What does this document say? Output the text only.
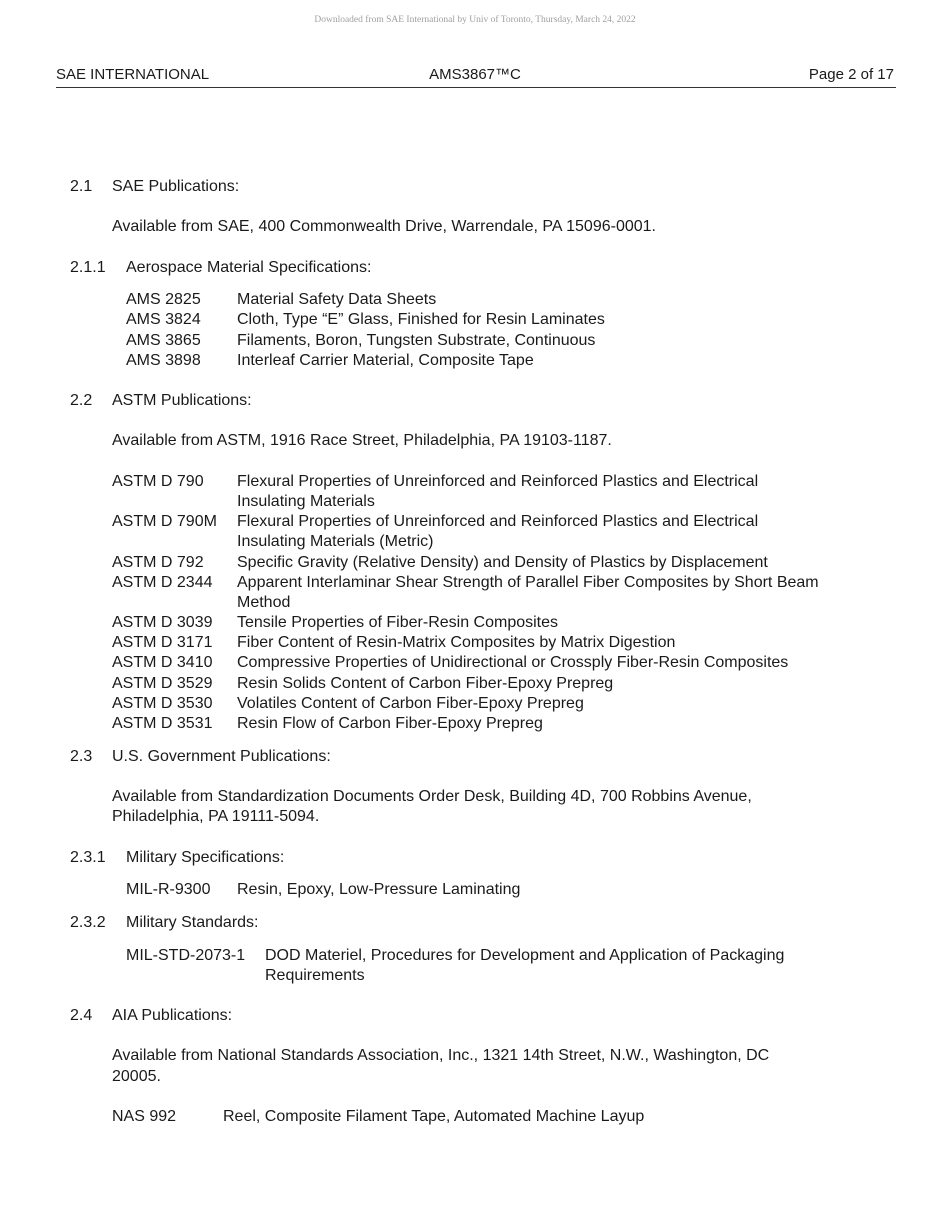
Downloaded from SAE International by Univ of Toronto, Thursday, March 24, 2022
SAE INTERNATIONAL	AMS3867™C	Page 2 of 17
2.1 SAE Publications:
Available from SAE, 400 Commonwealth Drive, Warrendale, PA 15096-0001.
2.1.1 Aerospace Material Specifications:
AMS 2825 Material Safety Data Sheets
AMS 3824 Cloth, Type “E” Glass, Finished for Resin Laminates
AMS 3865 Filaments, Boron, Tungsten Substrate, Continuous
AMS 3898 Interleaf Carrier Material, Composite Tape
2.2 ASTM Publications:
Available from ASTM, 1916 Race Street, Philadelphia, PA 19103-1187.
ASTM D 790 Flexural Properties of Unreinforced and Reinforced Plastics and Electrical
Insulating Materials
ASTM D 790M Flexural Properties of Unreinforced and Reinforced Plastics and Electrical
Insulating Materials (Metric)
ASTM D 792 Specific Gravity (Relative Density) and Density of Plastics by Displacement
ASTM D 2344 Apparent Interlaminar Shear Strength of Parallel Fiber Composites by Short Beam
Method
ASTM D 3039 Tensile Properties of Fiber-Resin Composites
ASTM D 3171 Fiber Content of Resin-Matrix Composites by Matrix Digestion
ASTM D 3410 Compressive Properties of Unidirectional or Crossply Fiber-Resin Composites
ASTM D 3529 Resin Solids Content of Carbon Fiber-Epoxy Prepreg
ASTM D 3530 Volatiles Content of Carbon Fiber-Epoxy Prepreg
ASTM D 3531 Resin Flow of Carbon Fiber-Epoxy Prepreg
2.3 U.S. Government Publications:
Available from Standardization Documents Order Desk, Building 4D, 700 Robbins Avenue,
Philadelphia, PA 19111-5094.
2.3.1 Military Specifications:
MIL-R-9300 Resin, Epoxy, Low-Pressure Laminating
2.3.2 Military Standards:
MIL-STD-2073-1 DOD Materiel, Procedures for Development and Application of Packaging
Requirements
2.4 AIA Publications:
Available from National Standards Association, Inc., 1321 14th Street, N.W., Washington, DC
20005.
NAS 992	Reel, Composite Filament Tape, Automated Machine Layup
